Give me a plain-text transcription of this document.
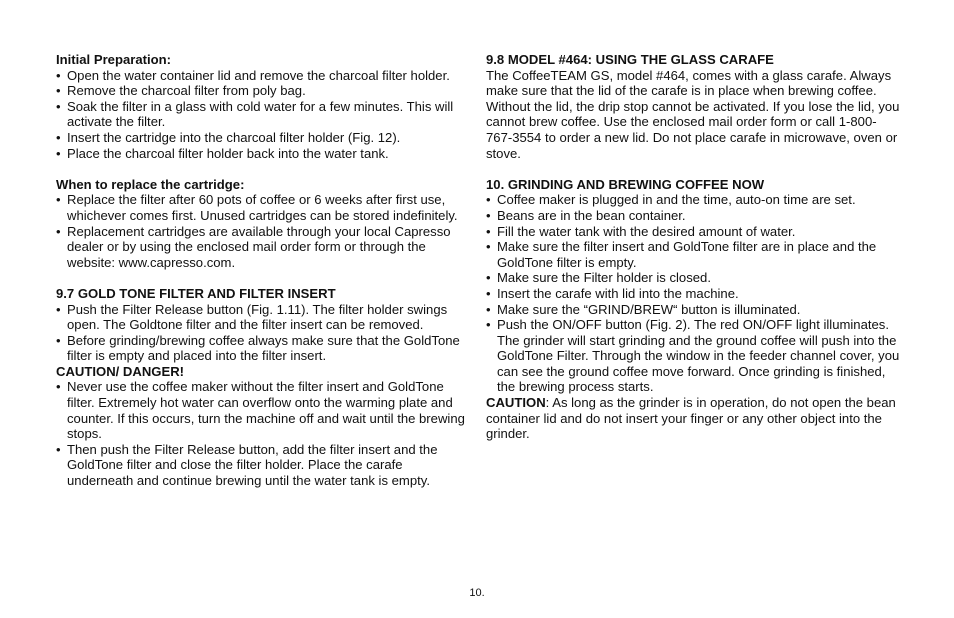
Initial Preparation:

• Open the water container lid and remove the charcoal filter holder.
• Remove the charcoal filter from poly bag.
• Soak the filter in a glass with cold water for a few minutes. This will activate the filter.
• Insert the cartridge into the charcoal filter holder (Fig. 12).
• Place the charcoal filter holder back into the water tank.

When to replace the cartridge:

• Replace the filter after 60 pots of coffee or 6 weeks after first use, whichever comes first. Unused cartridges can be stored indefinitely.
• Replacement cartridges are available through your local Capresso dealer or by using the enclosed mail order form or through the website: www.capresso.com.

9.7 GOLD TONE FILTER AND FILTER INSERT

• Push the Filter Release button (Fig. 1.11). The filter holder swings open. The Goldtone filter and the filter insert can be removed.
• Before grinding/brewing coffee always make sure that the GoldTone filter is empty and placed into the filter insert.

CAUTION/ DANGER!

• Never use the coffee maker without the filter insert and GoldTone filter. Extremely hot water can overflow onto the warming plate and counter. If this occurs, turn the machine off and wait until the brewing stops.
• Then push the Filter Release button, add the filter insert and the GoldTone filter and close the filter holder. Place the carafe underneath and continue brewing until the water tank is empty.

9.8 MODEL #464: USING THE GLASS CARAFE

The CoffeeTEAM GS, model #464, comes with a glass carafe. Always make sure that the lid of the carafe is in place when brewing coffee. Without the lid, the drip stop cannot be activated. If you lose the lid, you cannot brew coffee. Use the enclosed mail order form or call 1-800-767-3554 to order a new lid. Do not place carafe in microwave, oven or stove.

10. GRINDING AND BREWING COFFEE NOW

• Coffee maker is plugged in and the time, auto-on time are set.
• Beans are in the bean container.
• Fill the water tank with the desired amount of water.
• Make sure the filter insert and GoldTone filter are in place and the GoldTone filter is empty.
• Make sure the Filter holder is closed.
• Insert the carafe with lid into the machine.
• Make sure the “GRIND/BREW“ button is illuminated.
• Push the ON/OFF button (Fig. 2). The red ON/OFF light illuminates. The grinder will start grinding and the ground coffee will push into the GoldTone Filter. Through the window in the feeder channel cover, you can see the ground coffee move forward. Once grinding is finished, the brewing process starts.

CAUTION: As long as the grinder is in operation, do not open the bean container lid and do not insert your finger or any other object into the grinder.

10.
